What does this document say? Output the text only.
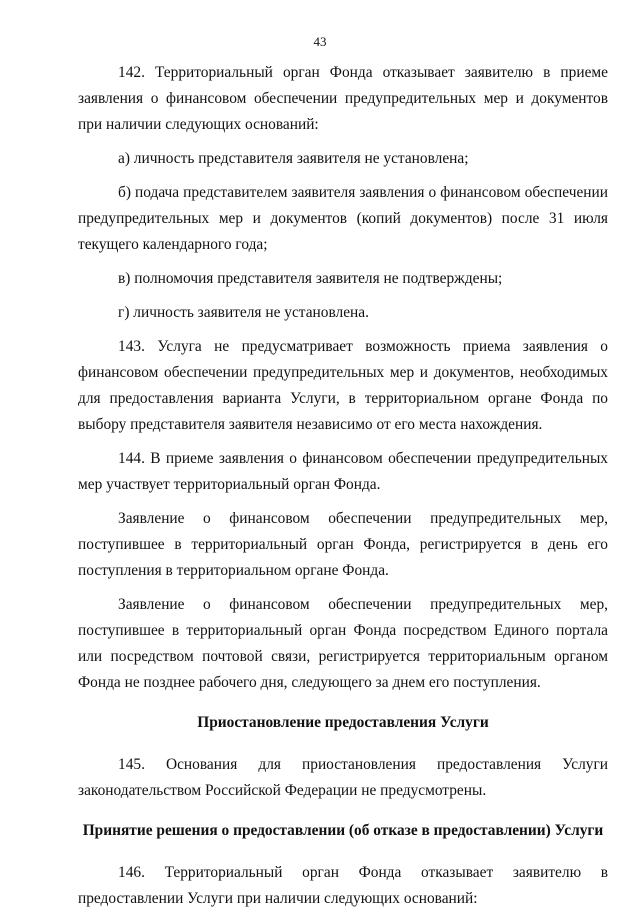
43

142. Территориальный орган Фонда отказывает заявителю в приеме заявления о финансовом обеспечении предупредительных мер и документов при наличии следующих оснований:

а) личность представителя заявителя не установлена;

б) подача представителем заявителя заявления о финансовом обеспечении предупредительных мер и документов (копий документов) после 31 июля текущего календарного года;

в) полномочия представителя заявителя не подтверждены;

г) личность заявителя не установлена.

143. Услуга не предусматривает возможность приема заявления о финансовом обеспечении предупредительных мер и документов, необходимых для предоставления варианта Услуги, в территориальном органе Фонда по выбору представителя заявителя независимо от его места нахождения.

144. В приеме заявления о финансовом обеспечении предупредительных мер участвует территориальный орган Фонда.

Заявление о финансовом обеспечении предупредительных мер, поступившее в территориальный орган Фонда, регистрируется в день его поступления в территориальном органе Фонда.

Заявление о финансовом обеспечении предупредительных мер, поступившее в территориальный орган Фонда посредством Единого портала или посредством почтовой связи, регистрируется территориальным органом Фонда не позднее рабочего дня, следующего за днем его поступления.

Приостановление предоставления Услуги

145. Основания для приостановления предоставления Услуги законодательством Российской Федерации не предусмотрены.

Принятие решения о предоставлении (об отказе в предоставлении) Услуги

146. Территориальный орган Фонда отказывает заявителю в предоставлении Услуги при наличии следующих оснований:
